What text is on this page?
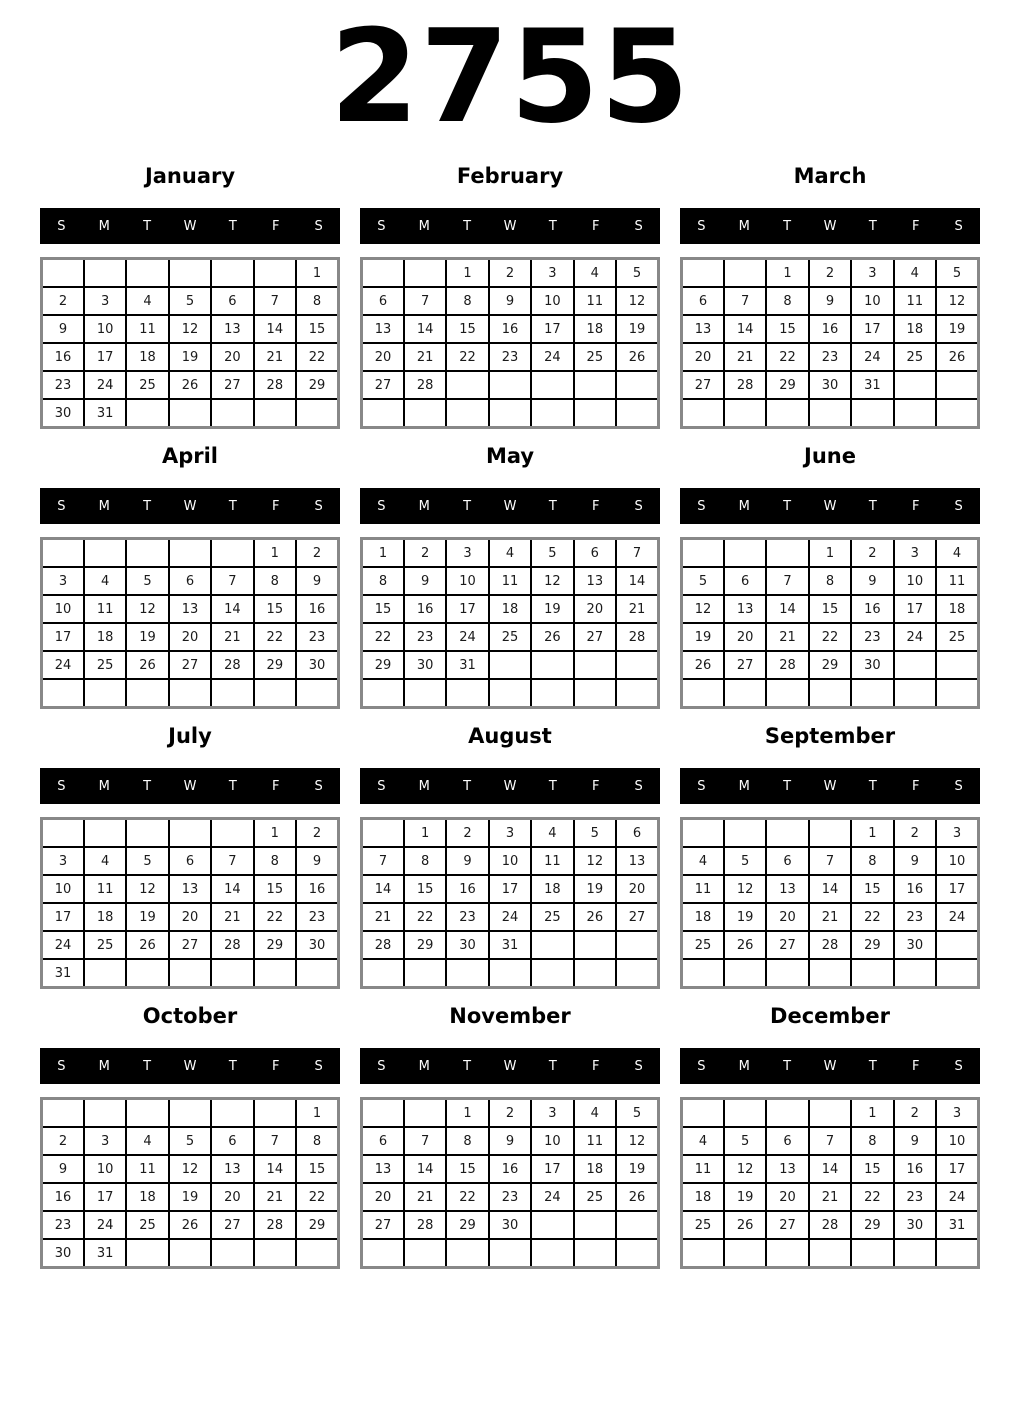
2755
January
S	M	T	W	T	F	S
						1
2	3	4	5	6	7	8
9	10	11	12	13	14	15
16	17	18	19	20	21	22
23	24	25	26	27	28	29
30	31					
February
S	M	T	W	T	F	S
		1	2	3	4	5
6	7	8	9	10	11	12
13	14	15	16	17	18	19
20	21	22	23	24	25	26
27	28					

March
S	M	T	W	T	F	S
		1	2	3	4	5
6	7	8	9	10	11	12
13	14	15	16	17	18	19
20	21	22	23	24	25	26
27	28	29	30	31		

April
S	M	T	W	T	F	S
					1	2
3	4	5	6	7	8	9
10	11	12	13	14	15	16
17	18	19	20	21	22	23
24	25	26	27	28	29	30

May
S	M	T	W	T	F	S
1	2	3	4	5	6	7
8	9	10	11	12	13	14
15	16	17	18	19	20	21
22	23	24	25	26	27	28
29	30	31				

June
S	M	T	W	T	F	S
			1	2	3	4
5	6	7	8	9	10	11
12	13	14	15	16	17	18
19	20	21	22	23	24	25
26	27	28	29	30		

July
S	M	T	W	T	F	S
					1	2
3	4	5	6	7	8	9
10	11	12	13	14	15	16
17	18	19	20	21	22	23
24	25	26	27	28	29	30
31						
August
S	M	T	W	T	F	S
	1	2	3	4	5	6
7	8	9	10	11	12	13
14	15	16	17	18	19	20
21	22	23	24	25	26	27
28	29	30	31			

September
S	M	T	W	T	F	S
				1	2	3
4	5	6	7	8	9	10
11	12	13	14	15	16	17
18	19	20	21	22	23	24
25	26	27	28	29	30	

October
S	M	T	W	T	F	S
						1
2	3	4	5	6	7	8
9	10	11	12	13	14	15
16	17	18	19	20	21	22
23	24	25	26	27	28	29
30	31					
November
S	M	T	W	T	F	S
		1	2	3	4	5
6	7	8	9	10	11	12
13	14	15	16	17	18	19
20	21	22	23	24	25	26
27	28	29	30			

December
S	M	T	W	T	F	S
				1	2	3
4	5	6	7	8	9	10
11	12	13	14	15	16	17
18	19	20	21	22	23	24
25	26	27	28	29	30	31
